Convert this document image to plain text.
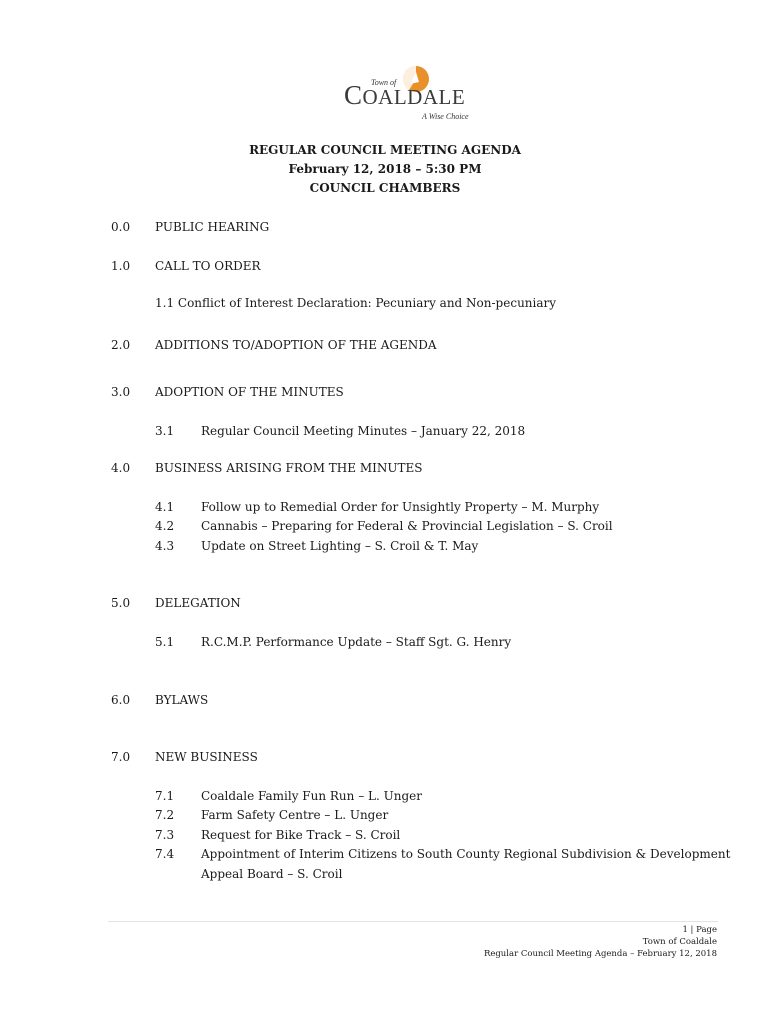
Town of
COALDALE
A Wise Choice
REGULAR COUNCIL MEETING AGENDA
February 12, 2018 – 5:30 PM
COUNCIL CHAMBERS
0.0 PUBLIC HEARING
1.0 CALL TO ORDER
1.1 Conflict of Interest Declaration: Pecuniary and Non-pecuniary
2.0 ADDITIONS TO/ADOPTION OF THE AGENDA
3.0 ADOPTION OF THE MINUTES
3.1 Regular Council Meeting Minutes – January 22, 2018
4.0 BUSINESS ARISING FROM THE MINUTES
4.1 Follow up to Remedial Order for Unsightly Property – M. Murphy
4.2 Cannabis – Preparing for Federal & Provincial Legislation – S. Croil
4.3 Update on Street Lighting – S. Croil & T. May
5.0 DELEGATION
5.1 R.C.M.P. Performance Update – Staff Sgt. G. Henry
6.0 BYLAWS
7.0 NEW BUSINESS
7.1 Coaldale Family Fun Run – L. Unger
7.2 Farm Safety Centre – L. Unger
7.3 Request for Bike Track – S. Croil
7.4 Appointment of Interim Citizens to South County Regional Subdivision & Development
Appeal Board – S. Croil
1 | Page
Town of Coaldale
Regular Council Meeting Agenda – February 12, 2018
